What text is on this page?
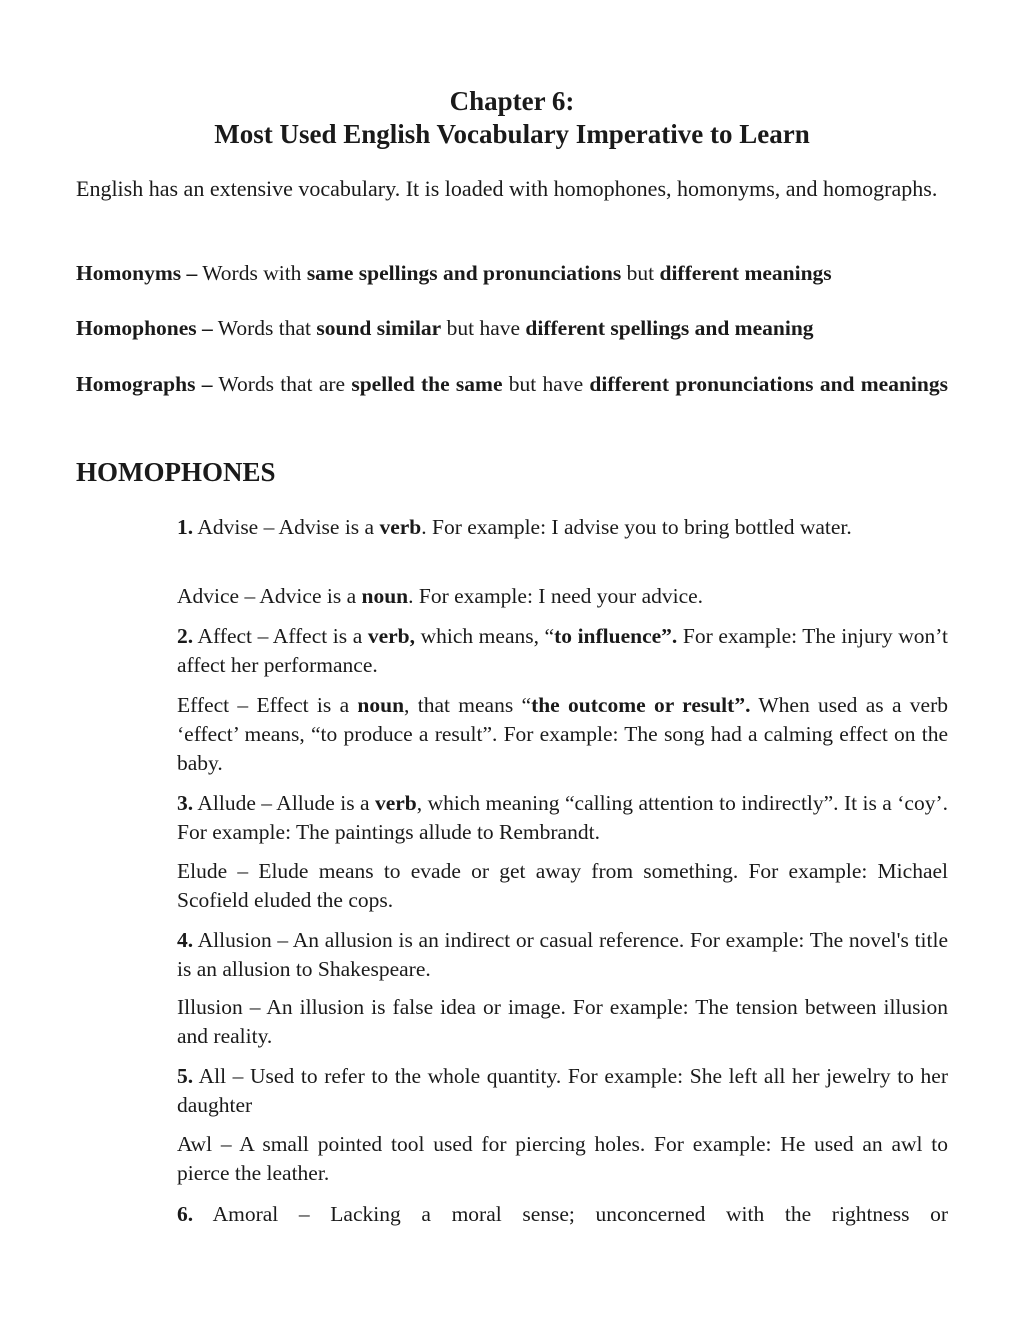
Chapter 6:
Most Used English Vocabulary Imperative to Learn

English has an extensive vocabulary. It is loaded with homophones, homonyms, and homographs.

Homonyms – Words with same spellings and pronunciations but different meanings

Homophones – Words that sound similar but have different spellings and meaning

Homographs – Words that are spelled the same but have different pronunciations and meanings

HOMOPHONES

1. Advise – Advise is a verb. For example: I advise you to bring bottled water.

Advice – Advice is a noun. For example: I need your advice.

2. Affect – Affect is a verb, which means, “to influence”. For example: The injury won’t affect her performance.

Effect – Effect is a noun, that means “the outcome or result”. When used as a verb ‘effect’ means, “to produce a result”. For example: The song had a calming effect on the baby.

3. Allude – Allude is a verb, which meaning “calling attention to indirectly”. It is a ‘coy’. For example: The paintings allude to Rembrandt.

Elude – Elude means to evade or get away from something. For example: Michael Scofield eluded the cops.

4. Allusion – An allusion is an indirect or casual reference. For example: The novel's title is an allusion to Shakespeare.

Illusion – An illusion is false idea or image. For example: The tension between illusion and reality.

5. All – Used to refer to the whole quantity. For example: She left all her jewelry to her daughter

Awl – A small pointed tool used for piercing holes. For example: He used an awl to pierce the leather.

6. Amoral – Lacking a moral sense; unconcerned with the rightness or
